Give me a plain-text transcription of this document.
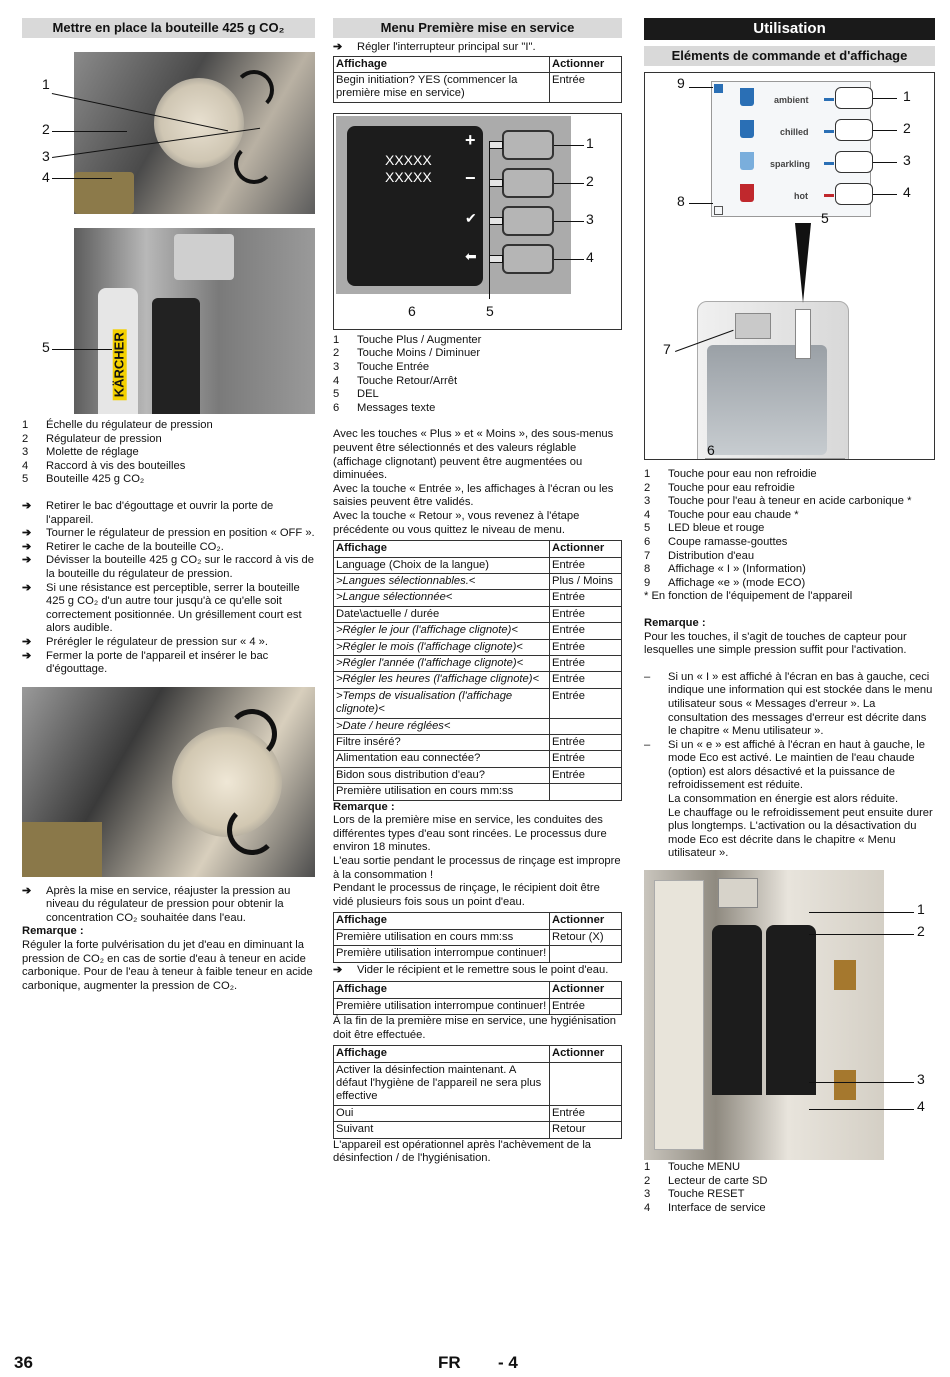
Mettre en place la bouteille 425 g CO₂
KÄRCHER
1
2
3
4
5
1	Échelle du régulateur de pression
2	Régulateur de pression
3	Molette de réglage
4	Raccord à vis des bouteilles
5	Bouteille 425 g CO₂
➔	Retirer le bac d'égouttage et ouvrir la porte de l'appareil.
➔	Tourner le régulateur de pression en position « OFF ».
➔	Retirer le cache de la bouteille CO₂.
➔	Dévisser la bouteille 425 g CO₂ sur le raccord à vis de la bouteille du régulateur de pression.
➔	Si une résistance est perceptible, serrer la bouteille 425 g CO₂ d'un autre tour jusqu'à ce qu'elle soit correctement positionnée. Un grésillement court est alors audible.
➔	Prérégler le régulateur de pression sur « 4 ».
➔	Fermer la porte de l'appareil et insérer le bac d'égouttage.
➔	Après la mise en service, réajuster la pression au niveau du régulateur de pression pour obtenir la concentration CO₂ souhaitée dans l'eau.

Remarque :

Réguler la forte pulvérisation du jet d'eau en diminuant la pression de CO₂ en cas de sortie d'eau à teneur en acide carbonique. Pour de l'eau à teneur à faible teneur en acide carbonique, augmenter la pression de CO₂.

Menu Première mise en service
➔	Régler l'interrupteur principal sur "I".
Affichage	Actionner
Begin initiation? YES (commencer la première mise en service)	Entrée
XXXXX
XXXXX
+
−
✔
⬅
1
2
3
4
6	5
1	Touche Plus / Augmenter
2	Touche Moins / Diminuer
3	Touche Entrée
4	Touche Retour/Arrêt
5	DEL
6	Messages texte

Avec les touches « Plus » et « Moins », des sous-menus peuvent être sélectionnés et des valeurs réglable (affichage clignotant) peuvent être augmentées ou diminuées.

Avec la touche « Entrée », les affichages à l'écran ou les saisies peuvent être validés.

Avec la touche « Retour », vous revenez à l'étape précédente ou vous quittez le niveau de menu.

Affichage	Actionner
Language (Choix de la langue)	Entrée
>Langues sélectionnables.<	Plus / Moins
>Langue sélectionnée<	Entrée
Date\actuelle / durée	Entrée
>Régler le jour (l'affichage clignote)<	Entrée
>Régler le mois (l'affichage clignote)<	Entrée
>Régler l'année (l'affichage clignote)<	Entrée
>Régler les heures (l'affichage clignote)<	Entrée
>Temps de visualisation (l'affichage clignote)<	Entrée
>Date / heure réglées<	
Filtre inséré?	Entrée
Alimentation eau connectée?	Entrée
Bidon sous distribution d'eau?	Entrée
Première utilisation en cours mm:ss	

Remarque :

Lors de la première mise en service, les conduites des différentes types d'eau sont rincées. Le processus dure environ 18 minutes.

L'eau sortie pendant le processus de rinçage est impropre à la consommation !

Pendant le processus de rinçage, le récipient doit être vidé plusieurs fois sous un point d'eau.

Affichage	Actionner
Première utilisation en cours mm:ss	Retour (X)
Première utilisation interrompue continuer!	
➔	Vider le récipient et le remettre sous le point d'eau.
Affichage	Actionner
Première utilisation interrompue continuer!	Entrée

À la fin de la première mise en service, une hygiénisation doit être effectuée.

Affichage	Actionner
Activer la désinfection maintenant. A défaut l'hygiène de l'appareil ne sera plus effective	
Oui	Entrée
Suivant	Retour

L'appareil est opérationnel après l'achèvement de la désinfection / de l'hygiénisation.

Utilisation
Eléments de commande et d'affichage
ambient
chilled
sparkling
hot
9
1
2
3
4
8
5
7
6
1	Touche pour eau non refroidie
2	Touche pour eau refroidie
3	Touche pour l'eau à teneur en acide carbonique *
4	Touche pour eau chaude *
5	LED bleue et rouge
6	Coupe ramasse-gouttes
7	Distribution d'eau
8	Affichage « I » (Information)
9	Affichage «e » (mode ECO)

* En fonction de l'équipement de l'appareil

Remarque :

Pour les touches, il s'agit de touches de capteur pour lesquelles une simple pression suffit pour l'activation.

–	Si un « I » est affiché à l'écran en bas à gauche, ceci indique une information qui est stockée dans le menu utilisateur sous « Messages d'erreur ». La consultation des messages d'erreur est décrite dans le chapitre « Menu utilisateur ».
–	Si un « e » est affiché à l'écran en haut à gauche, le mode Eco est activé. Le maintien de l'eau chaude (option) est alors désactivé et la puissance de refroidissement est réduite.

La consommation en énergie est alors réduite.

Le chauffage ou le refroidissement peut ensuite durer plus longtemps. L'activation ou la désactivation du mode Eco est décrite dans le chapitre « Menu utilisateur ».

1
2
3
4
1	Touche MENU
2	Lecteur de carte SD
3	Touche RESET
4	Interface de service
36	FR - 4
